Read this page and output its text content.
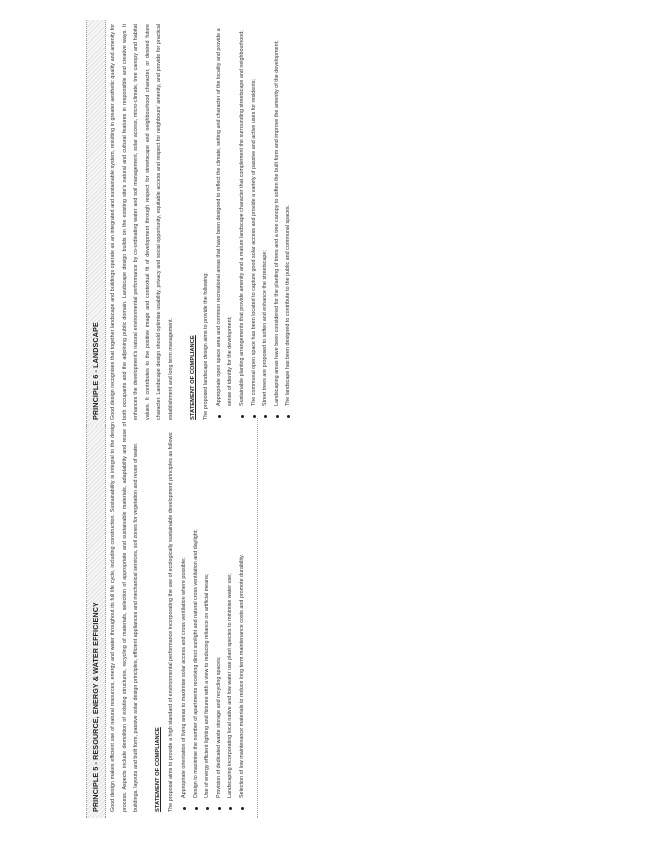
PRINCIPLE 5 - RESOURCE, ENERGY & WATER EFFICIENCY	Good design makes efficient use of natural resources, energy and water throughout its full life cycle, including construction. Sustainability is integral to the design process. Aspects include demolition of existing structures, recycling of materials, selection of appropriate and sustainable materials, adaptability and reuse of buildings, layouts and built form, passive solar design principles, efficient appliances and mechanical services, soil zones for vegetation and reuse of water.	STATEMENT OF COMPLIANCE	The proposal aims to provide a high standard of environmental performance incorporating the use of ecologically sustainable development principles as follows:	Appropriate orientation of living areas to maximise solar access and cross ventilation where possible;	Design to maximise the number of apartments receiving direct sunlight and natural cross ventilation and daylight;	Use of energy efficient lighting and fixtures with a view to reducing reliance on artificial means;	Provision of dedicated waste storage and recycling spaces;	Landscaping incorporating local native and low water use plant species to minimise water use;	Selection of low maintenance materials to reduce long term maintenance costs and promote durability.
PRINCIPLE 6 - LANDSCAPE	Good design recognises that together landscape and buildings operate as an integrated and sustainable system, resulting in greater aesthetic quality and amenity for both occupants and the adjoining public domain. Landscape design builds on the existing site's natural and cultural features in responsible and creative ways. It enhances the development's natural environmental performance by co-ordinating water and soil management, solar access, micro-climate, tree canopy and habitat values. It contributes to the positive image and contextual fit of development through respect for streetscape and neighbourhood character, or desired future character. Landscape design should optimise usability, privacy and social opportunity, equitable access and respect for neighbours' amenity, and provide for practical establishment and long term management.	STATEMENT OF COMPLIANCE	The proposed landscape design aims to provide the following:	Appropriate open space area and common recreational areas that have been designed to reflect the climate, setting and character of the locality and provide a sense of identity for the development;	Sustainable planting arrangements that provide amenity and a mature landscape character that complement the surrounding streetscape and neighbourhood;	The communal open space has been located to capture good solar access and provide a variety of passive and active uses for residents;	Street trees are proposed to soften and enhance the streetscape;	Landscaping areas have been considered for the planting of trees and a tree canopy to soften the built form and improve the amenity of the development;	The landscape has been designed to contribute to the public and communal spaces.
